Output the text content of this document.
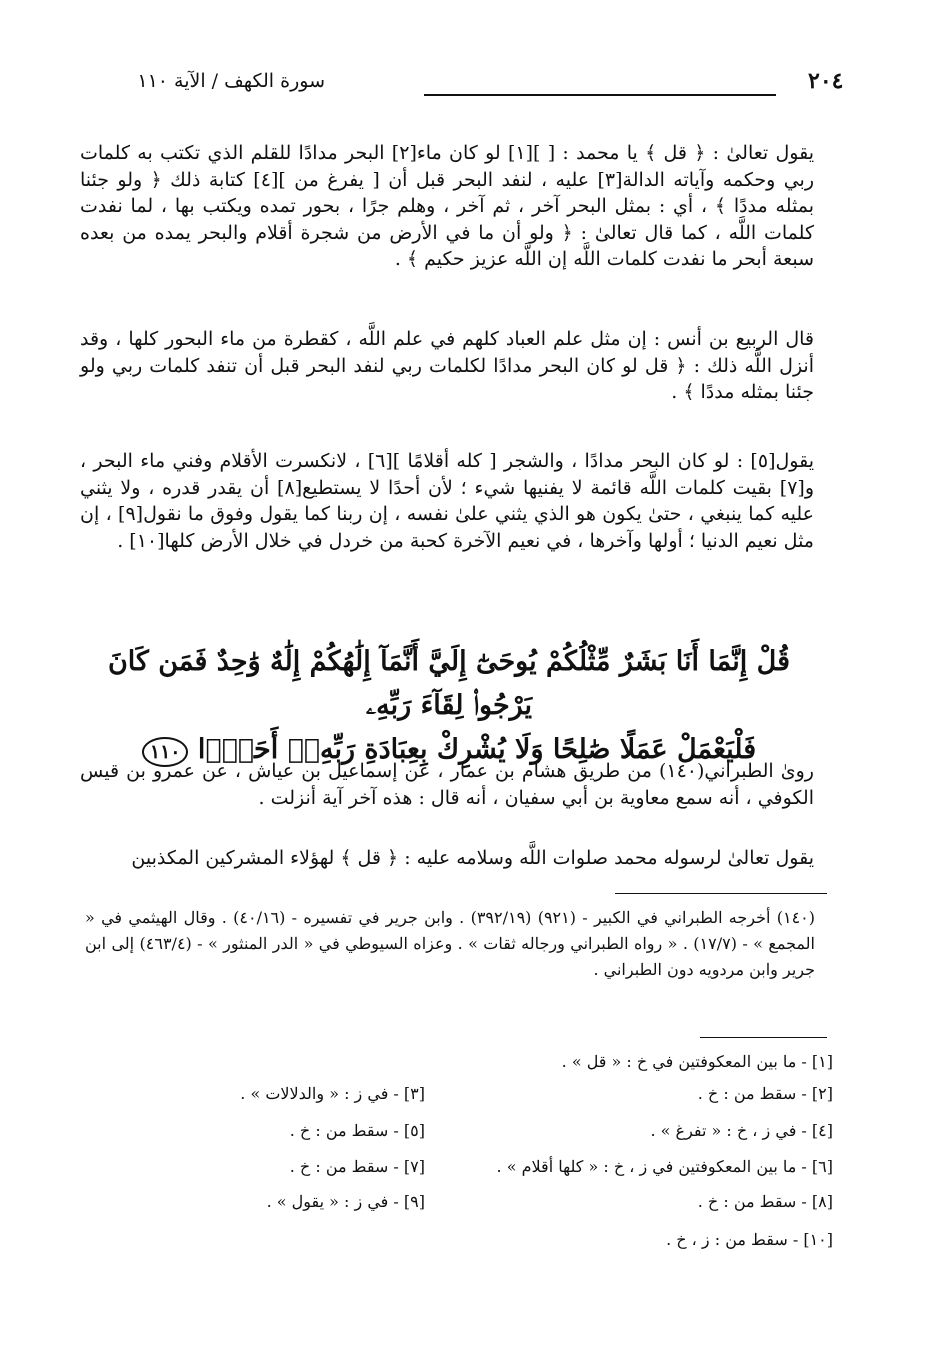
٢٠٤
سورة الكهف / الآية ١١٠

يقول تعالىٰ : ﴿ قل ﴾ يا محمد : [ ][١] لو كان ماء[٢] البحر مدادًا للقلم الذي تكتب به كلمات ربي وحكمه وآياته الدالة[٣] عليه ، لنفد البحر قبل أن [ يفرغ من ][٤] كتابة ذلك ﴿ ولو جئنا بمثله مددًا ﴾ ، أي : بمثل البحر آخر ، ثم آخر ، وهلم جرًا ، بحور تمده ويكتب بها ، لما نفدت كلمات اللَّه ، كما قال تعالىٰ : ﴿ ولو أن ما في الأرض من شجرة أقلام والبحر يمده من بعده سبعة أبحر ما نفدت كلمات اللَّه إن اللَّه عزيز حكيم ﴾ .

قال الربيع بن أنس : إن مثل علم العباد كلهم في علم اللَّه ، كقطرة من ماء البحور كلها ، وقد أنزل اللَّه ذلك : ﴿ قل لو كان البحر مدادًا لكلمات ربي لنفد البحر قبل أن تنفد كلمات ربي ولو جئنا بمثله مددًا ﴾ .

يقول[٥] : لو كان البحر مدادًا ، والشجر [ كله أقلامًا ][٦] ، لانكسرت الأقلام وفني ماء البحر ، و[٧] بقيت كلمات اللَّه قائمة لا يفنيها شيء ؛ لأن أحدًا لا يستطيع[٨] أن يقدر قدره ، ولا يثني عليه كما ينبغي ، حتىٰ يكون هو الذي يثني علىٰ نفسه ، إن ربنا كما يقول وفوق ما نقول[٩] ، إن مثل نعيم الدنيا ؛ أولها وآخرها ، في نعيم الآخرة كحبة من خردل في خلال الأرض كلها[١٠] .

قُلْ إِنَّمَا أَنَا بَشَرٌ مِّثْلُكُمْ يُوحَىٰٓ إِلَيَّ أَنَّمَآ إِلَٰهُكُمْ إِلَٰهٌ وَٰحِدٌ فَمَن كَانَ يَرْجُوا۟ لِقَآءَ رَبِّهِۦ
فَلْيَعْمَلْ عَمَلًا صَٰلِحًا وَلَا يُشْرِكْ بِعِبَادَةِ رَبِّهِۦٓ أَحَدًۢا ١١٠

روىٰ الطبراني(١٤٠) من طريق هشام بن عمار ، عن إسماعيل بن عياش ، عن عمرو بن قيس الكوفي ، أنه سمع معاوية بن أبي سفيان ، أنه قال : هذه آخر آية أنزلت .

يقول تعالىٰ لرسوله محمد صلوات اللَّه وسلامه عليه : ﴿ قل ﴾ لهؤلاء المشركين المكذبين

(١٤٠) أخرجه الطبراني في الكبير - (٩٢١) (٣٩٢/١٩) . وابن جرير في تفسيره - (٤٠/١٦) . وقال الهيثمي في « المجمع » - (١٧/٧) . « رواه الطبراني ورجاله ثقات » . وعزاه السيوطي في « الدر المنثور » - (٤٦٣/٤) إلى ابن جرير وابن مردويه دون الطبراني .
[١] - ما بين المعكوفتين في خ : « قل » .
[٢] - سقط من : خ .
[٣] - في ز : « والدلالات » .
[٤] - في ز ، خ : « تفرغ » .
[٥] - سقط من : خ .
[٦] - ما بين المعكوفتين في ز ، خ : « كلها أقلام » .
[٧] - سقط من : خ .
[٨] - سقط من : خ .
[٩] - في ز : « يقول » .
[١٠] - سقط من : ز ، خ .
